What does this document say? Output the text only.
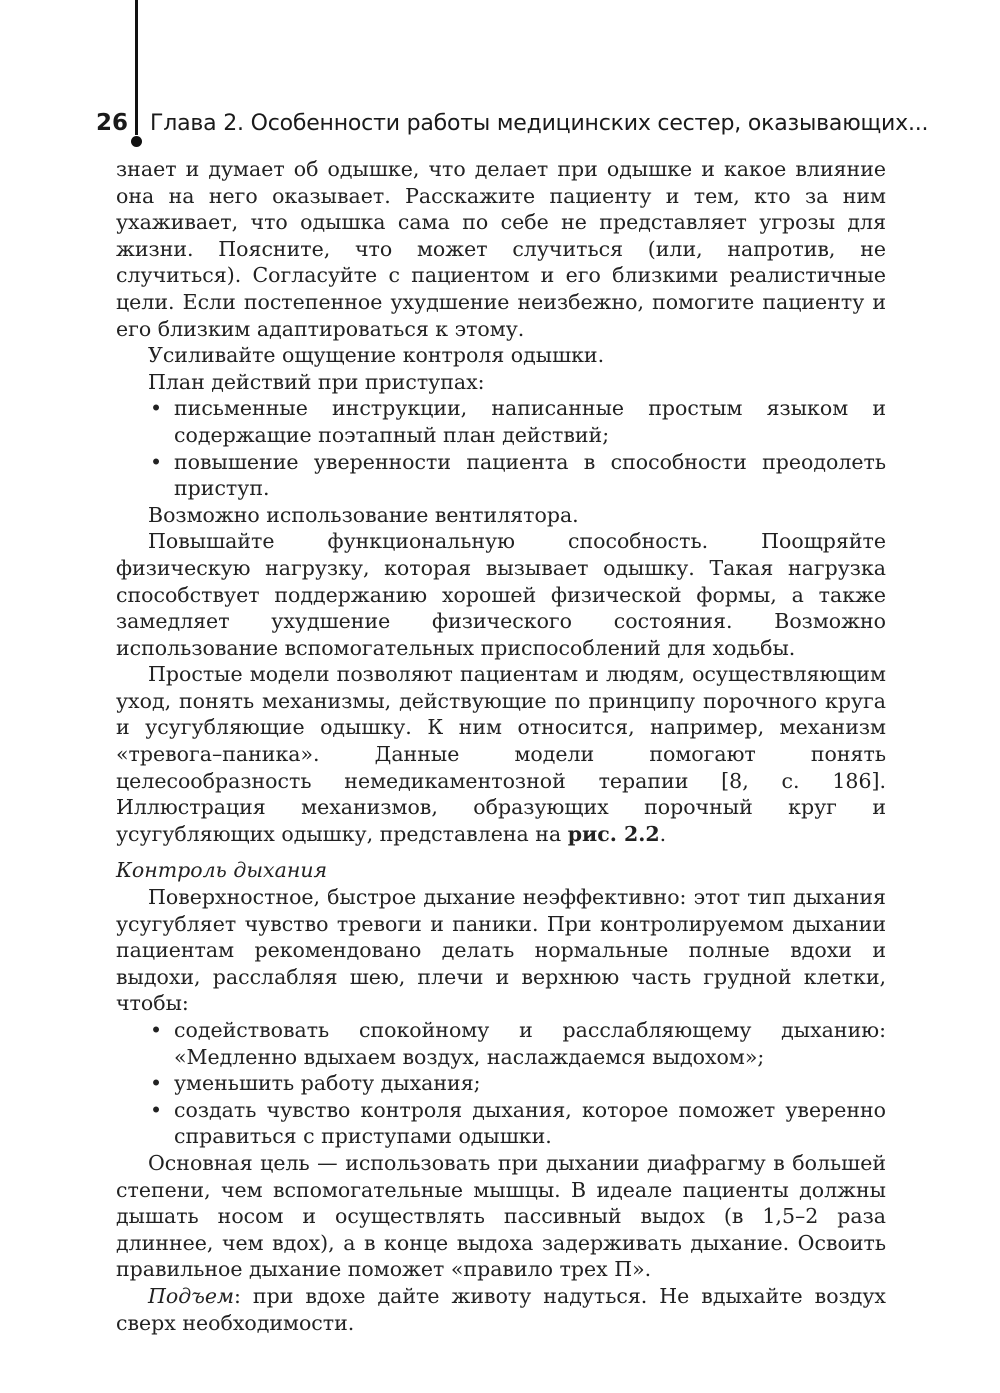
26 Глава 2. Особенности работы медицинских сестер, оказывающих...

знает и думает об одышке, что делает при одышке и какое влияние она на него оказывает. Расскажите пациенту и тем, кто за ним ухаживает, что одышка сама по себе не представляет угрозы для жизни. Поясните, что может случиться (или, напротив, не случиться). Согласуйте с пациентом и его близкими реалистичные цели. Если постепенное ухудшение неизбежно, помогите пациенту и его близким адаптироваться к этому.

Усиливайте ощущение контроля одышки.

План действий при приступах:

• письменные инструкции, написанные простым языком и содержащие поэтапный план действий;
• повышение уверенности пациента в способности преодолеть приступ.

Возможно использование вентилятора.

Повышайте функциональную способность. Поощряйте физическую нагрузку, которая вызывает одышку. Такая нагрузка способствует поддержанию хорошей физической формы, а также замедляет ухудшение физического состояния. Возможно использование вспомогательных приспособлений для ходьбы.

Простые модели позволяют пациентам и людям, осуществляющим уход, понять механизмы, действующие по принципу порочного круга и усугубляющие одышку. К ним относится, например, механизм «тревога–паника». Данные модели помогают понять целесообразность немедикаментозной терапии [8, с. 186]. Иллюстрация механизмов, образующих порочный круг и усугубляющих одышку, представлена на рис. 2.2.

Контроль дыхания

Поверхностное, быстрое дыхание неэффективно: этот тип дыхания усугубляет чувство тревоги и паники. При контролируемом дыхании пациентам рекомендовано делать нормальные полные вдохи и выдохи, расслабляя шею, плечи и верхнюю часть грудной клетки, чтобы:

• содействовать спокойному и расслабляющему дыханию: «Медленно вдыхаем воздух, наслаждаемся выдохом»;
• уменьшить работу дыхания;
• создать чувство контроля дыхания, которое поможет уверенно справиться с приступами одышки.

Основная цель — использовать при дыхании диафрагму в большей степени, чем вспомогательные мышцы. В идеале пациенты должны дышать носом и осуществлять пассивный выдох (в 1,5–2 раза длиннее, чем вдох), а в конце выдоха задерживать дыхание. Освоить правильное дыхание поможет «правило трех П».

Подъем: при вдохе дайте животу надуться. Не вдыхайте воздух сверх необходимости.
